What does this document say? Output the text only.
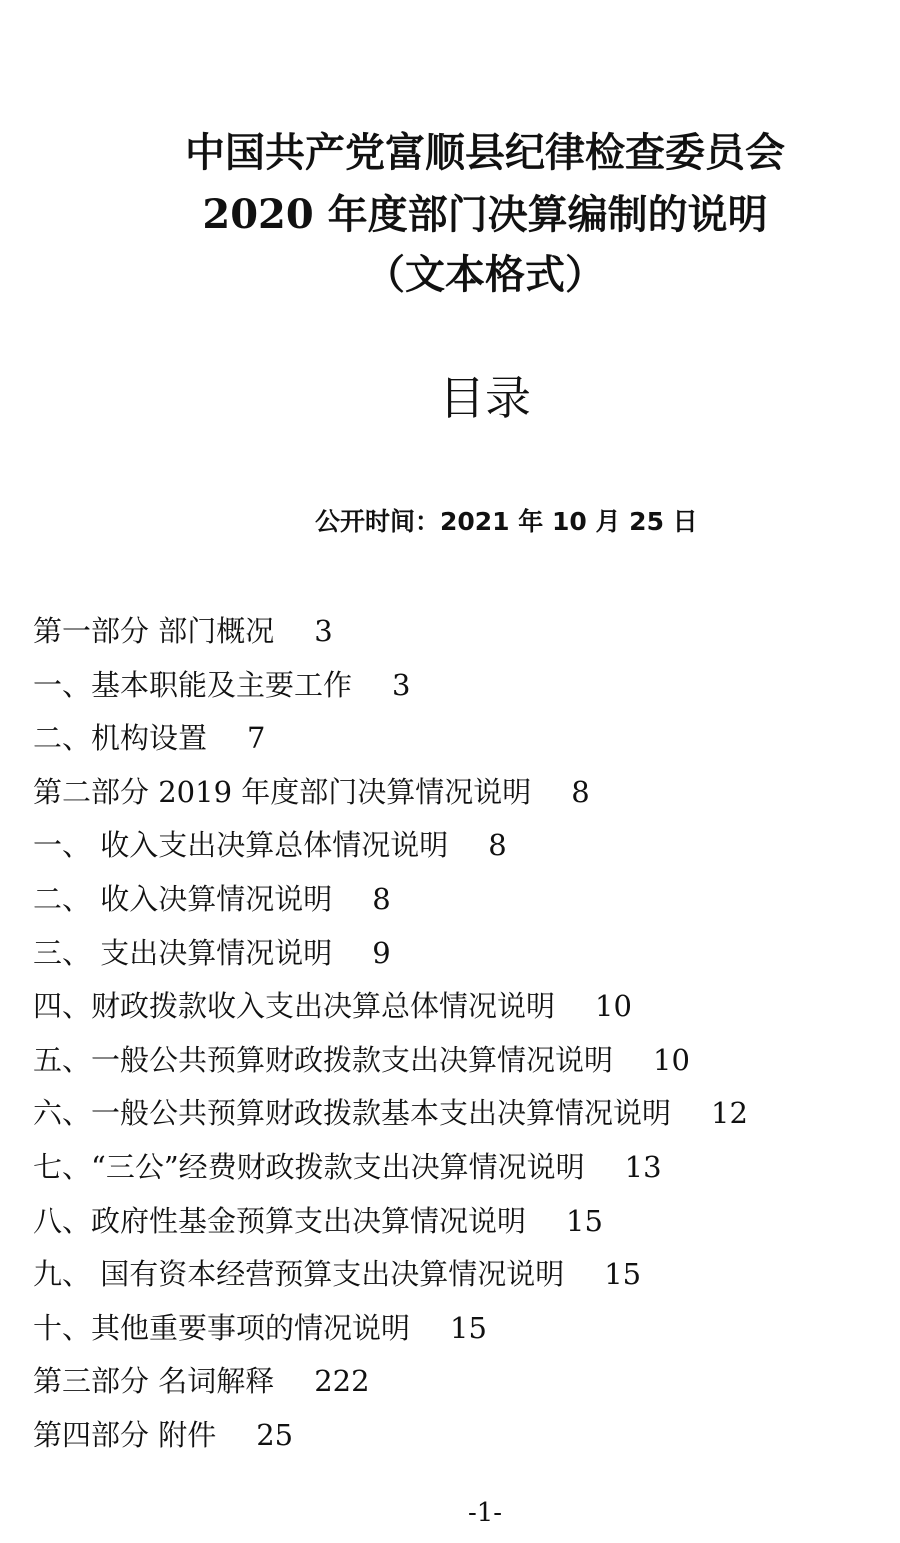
中国共产党富顺县纪律检查委员会
2020 年度部门决算编制的说明
（文本格式）
目录
公开时间：2021 年 10 月 25 日
第一部分 部门概况 3
一、基本职能及主要工作 3
二、机构设置 7
第二部分 2019 年度部门决算情况说明 8
一、 收入支出决算总体情况说明 8
二、 收入决算情况说明 8
三、 支出决算情况说明 9
四、财政拨款收入支出决算总体情况说明 10
五、一般公共预算财政拨款支出决算情况说明 10
六、一般公共预算财政拨款基本支出决算情况说明 12
七、“三公”经费财政拨款支出决算情况说明 13
八、政府性基金预算支出决算情况说明 15
九、 国有资本经营预算支出决算情况说明 15
十、其他重要事项的情况说明 15
第三部分 名词解释 222
第四部分 附件 25
-1-
